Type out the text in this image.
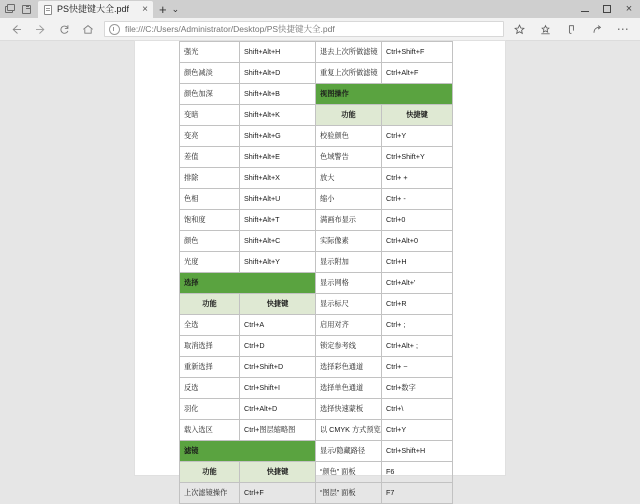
PS快捷键大全.pdf	× + ⌄	×
file:///C:/Users/Administrator/Desktop/PS快捷键大全.pdf	⋯
强光	Shift+Alt+H	退去上次所做滤镜	Ctrl+Shift+F
颜色减淡	Shift+Alt+D	重复上次所做滤镜	Ctrl+Alt+F
颜色加深	Shift+Alt+B	视图操作	
变暗	Shift+Alt+K	功能	快捷键
变亮	Shift+Alt+G	校验颜色	Ctrl+Y
差值	Shift+Alt+E	色域警告	Ctrl+Shift+Y
排除	Shift+Alt+X	放大	Ctrl+ +
色相	Shift+Alt+U	缩小	Ctrl+ -
饱和度	Shift+Alt+T	满画布显示	Ctrl+0
颜色	Shift+Alt+C	实际像素	Ctrl+Alt+0
光度	Shift+Alt+Y	显示附加	Ctrl+H
选择		显示网格	Ctrl+Alt+'
功能	快捷键	显示标尺	Ctrl+R
全选	Ctrl+A	启用对齐	Ctrl+ ;
取消选择	Ctrl+D	锁定参考线	Ctrl+Alt+ ;
重新选择	Ctrl+Shift+D	选择彩色通道	Ctrl+ ~
反选	Ctrl+Shift+I	选择单色通道	Ctrl+数字
羽化	Ctrl+Alt+D	选择快速蒙板	Ctrl+\
载入选区	Ctrl+图层缩略图	以 CMYK 方式预览	Ctrl+Y
滤镜		显示/隐藏路径	Ctrl+Shift+H
功能	快捷键	“颜色” 面板	F6
上次滤镜操作	Ctrl+F	“图层” 面板	F7
